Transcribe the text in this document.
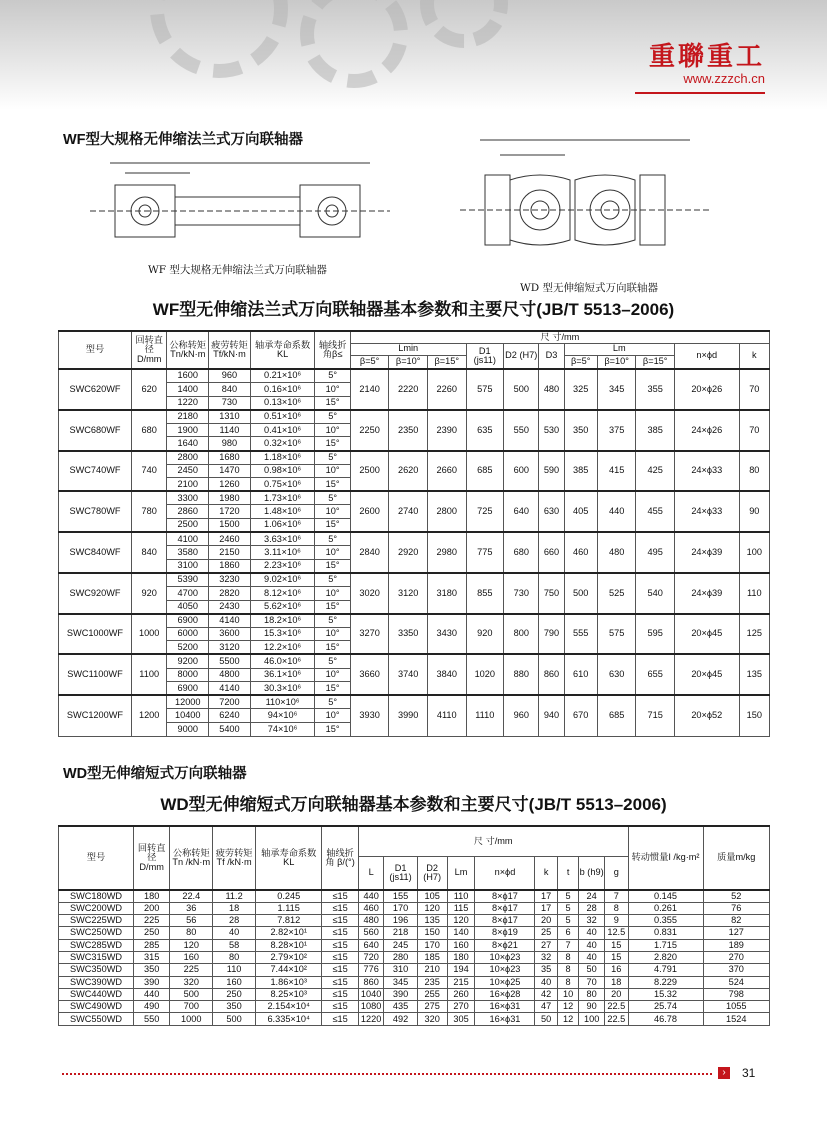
重聯重工
www.zzzch.cn
WF型大规格无伸缩法兰式万向联轴器
WF 型大规格无伸缩法兰式万向联轴器
WD 型无伸缩短式万向联轴器
WF型无伸缩法兰式万向联轴器基本参数和主要尺寸(JB/T 5513–2006)
型号	回转直径 D/mm	公称转矩 Tn/kN·m	疲劳转矩 Tf/kN·m	轴承寿命系数KL	轴线折角β≤	尺 寸/mm										
						Lmin			D1 (js11)	D2 (H7)	D3	Lm			n×ϕd	k
						β=5°	β=10°	β=15°				β=5°	β=10°	β=15°		
SWC620WF	620	1600	960	0.21×10⁶	5°	2140	2220	2260	575	500	480	325	345	355	20×ϕ26	70
		1400	840	0.16×10⁶	10°											
		1220	730	0.13×10⁶	15°											
SWC680WF	680	2180	1310	0.51×10⁶	5°	2250	2350	2390	635	550	530	350	375	385	24×ϕ26	70
		1900	1140	0.41×10⁶	10°											
		1640	980	0.32×10⁶	15°											
SWC740WF	740	2800	1680	1.18×10⁶	5°	2500	2620	2660	685	600	590	385	415	425	24×ϕ33	80
		2450	1470	0.98×10⁶	10°											
		2100	1260	0.75×10⁶	15°											
SWC780WF	780	3300	1980	1.73×10⁶	5°	2600	2740	2800	725	640	630	405	440	455	24×ϕ33	90
		2860	1720	1.48×10⁶	10°											
		2500	1500	1.06×10⁶	15°											
SWC840WF	840	4100	2460	3.63×10⁶	5°	2840	2920	2980	775	680	660	460	480	495	24×ϕ39	100
		3580	2150	3.11×10⁶	10°											
		3100	1860	2.23×10⁶	15°											
SWC920WF	920	5390	3230	9.02×10⁶	5°	3020	3120	3180	855	730	750	500	525	540	24×ϕ39	110
		4700	2820	8.12×10⁶	10°											
		4050	2430	5.62×10⁶	15°											
SWC1000WF	1000	6900	4140	18.2×10⁶	5°	3270	3350	3430	920	800	790	555	575	595	20×ϕ45	125
		6000	3600	15.3×10⁶	10°											
		5200	3120	12.2×10⁶	15°											
SWC1100WF	1100	9200	5500	46.0×10⁶	5°	3660	3740	3840	1020	880	860	610	630	655	20×ϕ45	135
		8000	4800	36.1×10⁶	10°											
		6900	4140	30.3×10⁶	15°											
SWC1200WF	1200	12000	7200	110×10⁶	5°	3930	3990	4110	1110	960	940	670	685	715	20×ϕ52	150
		10400	6240	94×10⁶	10°											
		9000	5400	74×10⁶	15°											
WD型无伸缩短式万向联轴器
WD型无伸缩短式万向联轴器基本参数和主要尺寸(JB/T 5513–2006)
型号	回转直径 D/mm	公称转矩 Tn /kN·m	疲劳转矩 Tf /kN·m	轴承寿命系数KL	轴线折角 β/(°)	尺 寸/mm									转动惯量I /kg·m²	质量m/kg
						L	D1 (js11)	D2 (H7)	Lm	n×ϕd	k	t	b (h9)	g		
SWC180WD	180	22.4	11.2	0.245	≤15	440	155	105	110	8×ϕ17	17	5	24	7	0.145	52
SWC200WD	200	36	18	1.115	≤15	460	170	120	115	8×ϕ17	17	5	28	8	0.261	76
SWC225WD	225	56	28	7.812	≤15	480	196	135	120	8×ϕ17	20	5	32	9	0.355	82
SWC250WD	250	80	40	2.82×10¹	≤15	560	218	150	140	8×ϕ19	25	6	40	12.5	0.831	127
SWC285WD	285	120	58	8.28×10¹	≤15	640	245	170	160	8×ϕ21	27	7	40	15	1.715	189
SWC315WD	315	160	80	2.79×10²	≤15	720	280	185	180	10×ϕ23	32	8	40	15	2.820	270
SWC350WD	350	225	110	7.44×10²	≤15	776	310	210	194	10×ϕ23	35	8	50	16	4.791	370
SWC390WD	390	320	160	1.86×10³	≤15	860	345	235	215	10×ϕ25	40	8	70	18	8.229	524
SWC440WD	440	500	250	8.25×10³	≤15	1040	390	255	260	16×ϕ28	42	10	80	20	15.32	798
SWC490WD	490	700	350	2.154×10⁴	≤15	1080	435	275	270	16×ϕ31	47	12	90	22.5	25.74	1055
SWC550WD	550	1000	500	6.335×10⁴	≤15	1220	492	320	305	16×ϕ31	50	12	100	22.5	46.78	1524
›	31
